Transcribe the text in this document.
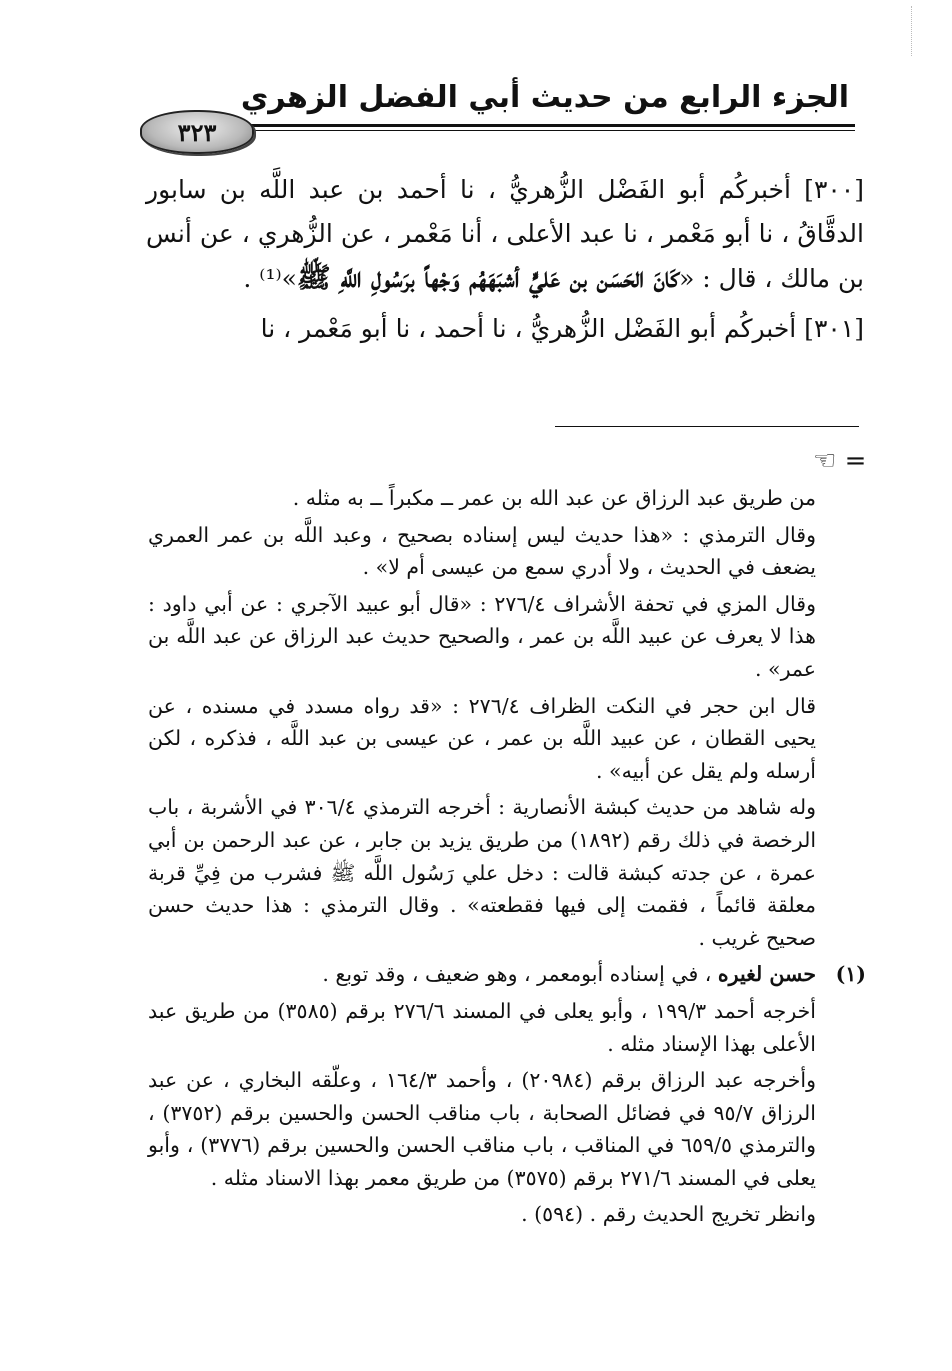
الجزء الرابع من حديث أبي الفضل الزهري
٣٢٣

[٣٠٠] أخبركُم أبو الفَضْل الزُّهريُّ ، نا أحمد بن عبد اللَّه بن سابور الدقَّاقُ ، نا أبو مَعْمر ، نا عبد الأعلى ، أنا مَعْمر ، عن الزُّهري ، عن أنس بن مالك ، قال : «كَانَ الحَسَن بن عَليٍّ أشبَهَهُم وَجْهاً برَسُولِ اللَّهِ ﷺ»⁽¹⁾ .

[٣٠١] أخبركُم أبو الفَضْل الزُّهريُّ ، نا أحمد ، نا أبو مَعْمر ، نا

= ☜

من طريق عبد الرزاق عن عبد الله بن عمر ــ مكبراً ــ به مثله .

وقال الترمذي : «هذا حديث ليس إسناده بصحيح ، وعبد اللَّه بن عمر العمري يضعف في الحديث ، ولا أدري سمع من عيسى أم لا» .

وقال المزي في تحفة الأشراف ٢٧٦/٤ : «قال أبو عبيد الآجري : عن أبي داود : هذا لا يعرف عن عبيد اللَّه بن عمر ، والصحيح حديث عبد الرزاق عن عبد اللَّه بن عمر» .

قال ابن حجر في النكت الظراف ٢٧٦/٤ : «قد رواه مسدد في مسنده ، عن يحيى القطان ، عن عبيد اللَّه بن عمر ، عن عيسى بن عبد اللَّه ، فذكره ، لكن أرسله ولم يقل عن أبيه» .

وله شاهد من حديث كبشة الأنصارية : أخرجه الترمذي ٣٠٦/٤ في الأشربة ، باب الرخصة في ذلك رقم (١٨٩٢) من طريق يزيد بن جابر ، عن عبد الرحمن بن أبي عمرة ، عن جدته كبشة قالت : دخل علي رَسُول اللَّه ﷺ فشرب من فِيِّ قربة معلقة قائماً ، فقمت إلى فيها فقطعته» . وقال الترمذي : هذا حديث حسن صحيح غريب .

(١)

حسن لغيره ، في إسناده أبومعمر ، وهو ضعيف ، وقد توبع .

أخرجه أحمد ١٩٩/٣ ، وأبو يعلى في المسند ٢٧٦/٦ برقم (٣٥٨٥) من طريق عبد الأعلى بهذا الإسناد مثله .

وأخرجه عبد الرزاق برقم (٢٠٩٨٤) ، وأحمد ١٦٤/٣ ، وعلّقه البخاري ، عن عبد الرزاق ٩٥/٧ في فضائل الصحابة ، باب مناقب الحسن والحسين برقم (٣٧٥٢) ، والترمذي ٦٥٩/٥ في المناقب ، باب مناقب الحسن والحسين برقم (٣٧٧٦) ، وأبو يعلى في المسند ٢٧١/٦ برقم (٣٥٧٥) من طريق معمر بهذا الاسناد مثله .

وانظر تخريج الحديث رقم . (٥٩٤) .
